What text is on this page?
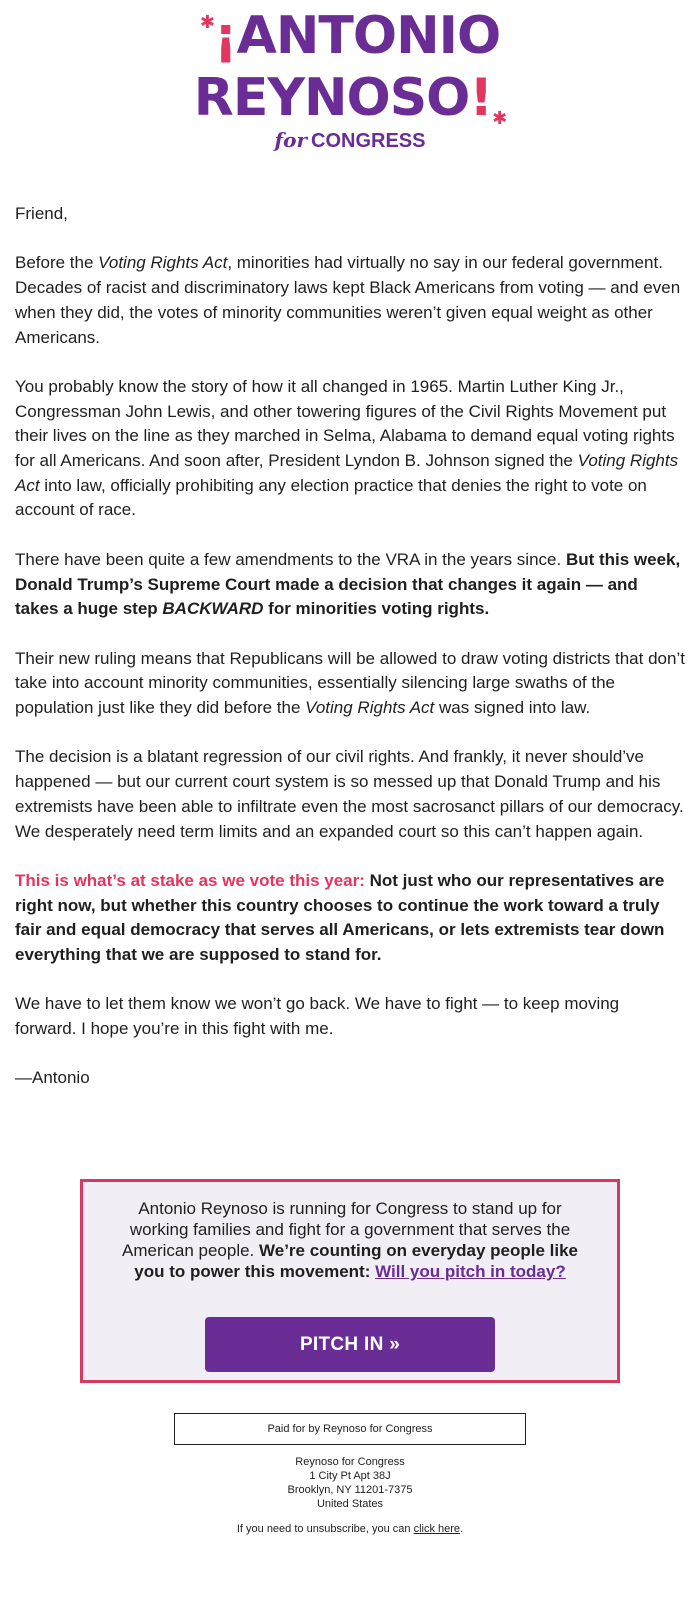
✱¡ANTONIO
REYNOSO!✱
for CONGRESS

Friend,

Before the Voting Rights Act, minorities had virtually no say in our federal government. Decades of racist and discriminatory laws kept Black Americans from voting — and even when they did, the votes of minority communities weren’t given equal weight as other Americans.

You probably know the story of how it all changed in 1965. Martin Luther King Jr., Congressman John Lewis, and other towering figures of the Civil Rights Movement put their lives on the line as they marched in Selma, Alabama to demand equal voting rights for all Americans. And soon after, President Lyndon B. Johnson signed the Voting Rights Act into law, officially prohibiting any election practice that denies the right to vote on account of race.

There have been quite a few amendments to the VRA in the years since. But this week, Donald Trump’s Supreme Court made a decision that changes it again — and takes a huge step BACKWARD for minorities voting rights.

Their new ruling means that Republicans will be allowed to draw voting districts that don’t take into account minority communities, essentially silencing large swaths of the population just like they did before the Voting Rights Act was signed into law.

The decision is a blatant regression of our civil rights. And frankly, it never should’ve happened — but our current court system is so messed up that Donald Trump and his extremists have been able to infiltrate even the most sacrosanct pillars of our democracy. We desperately need term limits and an expanded court so this can’t happen again.

This is what’s at stake as we vote this year: Not just who our representatives are right now, but whether this country chooses to continue the work toward a truly fair and equal democracy that serves all Americans, or lets extremists tear down everything that we are supposed to stand for.

We have to let them know we won’t go back. We have to fight — to keep moving forward. I hope you’re in this fight with me.

—Antonio

Antonio Reynoso is running for Congress to stand up for working families and fight for a government that serves the American people. We’re counting on everyday people like you to power this movement: Will you pitch in today?
PITCH IN »
Paid for by Reynoso for Congress
Reynoso for Congress
1 City Pt Apt 38J
Brooklyn, NY 11201-7375
United States
If you need to unsubscribe, you can click here.
